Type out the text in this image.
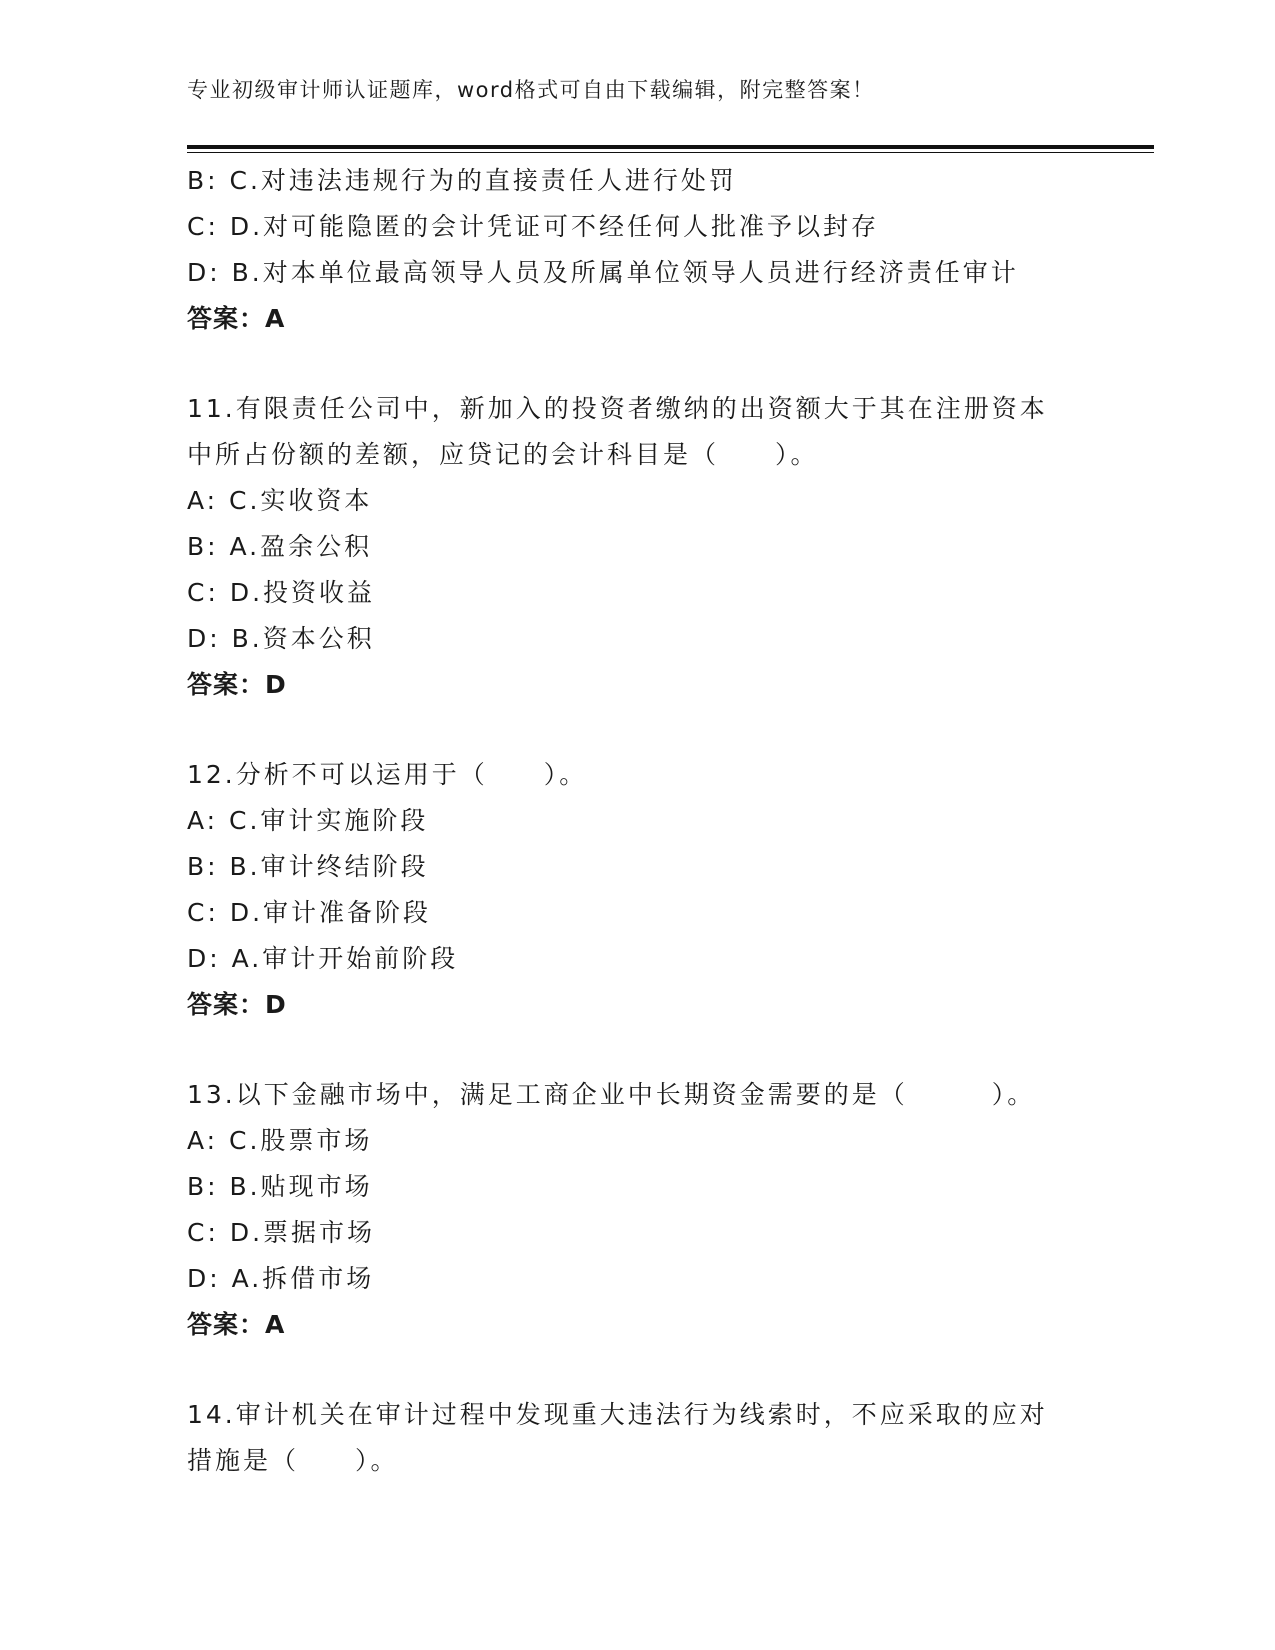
专业初级审计师认证题库，word格式可自由下载编辑，附完整答案！
B: C.对违法违规行为的直接责任人进行处罚
C: D.对可能隐匿的会计凭证可不经任何人批准予以封存
D: B.对本单位最高领导人员及所属单位领导人员进行经济责任审计
答案：A
11.有限责任公司中，新加入的投资者缴纳的出资额大于其在注册资本
中所占份额的差额，应贷记的会计科目是（　　）。
A: C.实收资本
B: A.盈余公积
C: D.投资收益
D: B.资本公积
答案：D
12.分析不可以运用于（　　）。
A: C.审计实施阶段
B: B.审计终结阶段
C: D.审计准备阶段
D: A.审计开始前阶段
答案：D
13.以下金融市场中，满足工商企业中长期资金需要的是（　　　）。
A: C.股票市场
B: B.贴现市场
C: D.票据市场
D: A.拆借市场
答案：A
14.审计机关在审计过程中发现重大违法行为线索时，不应采取的应对
措施是（　　）。
